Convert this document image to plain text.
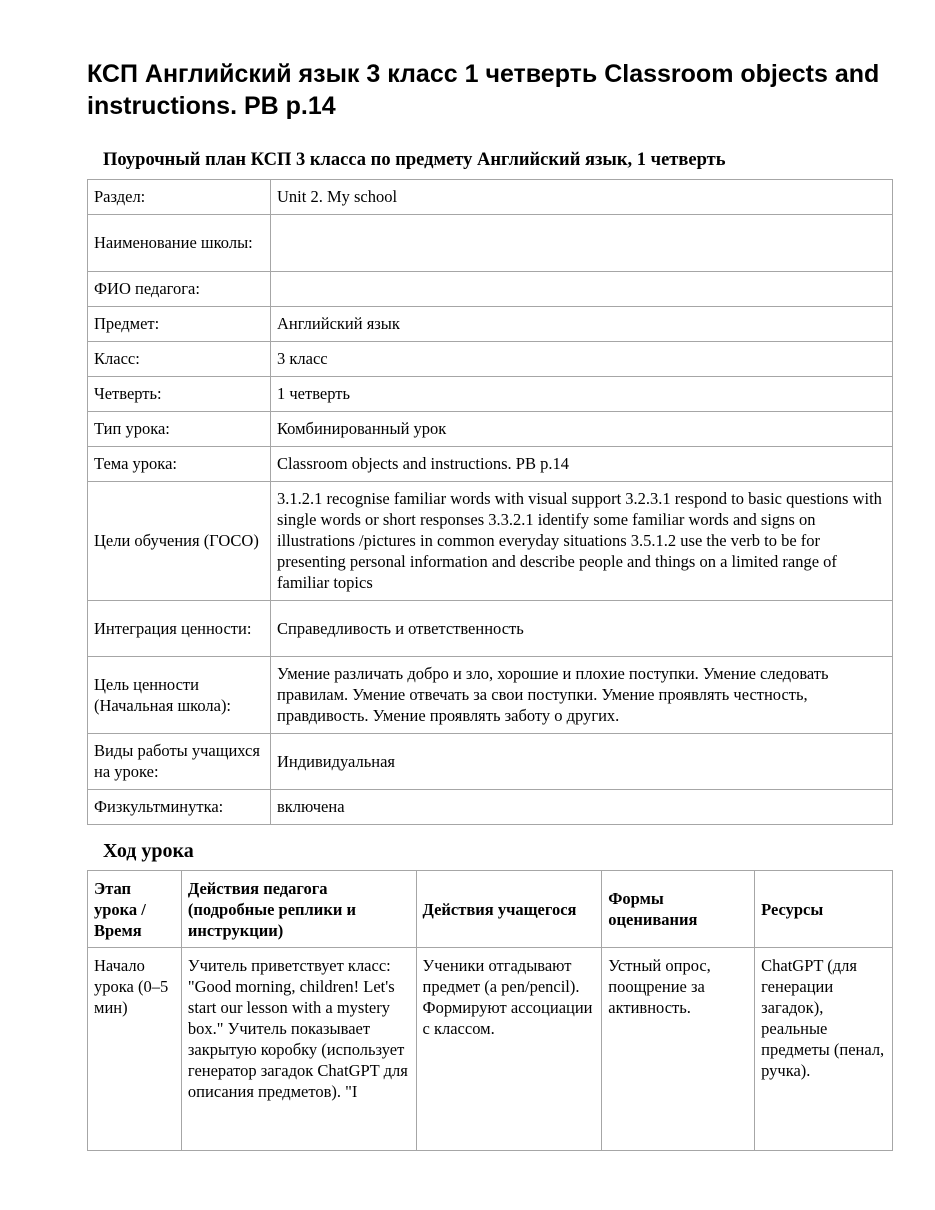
КСП Английский язык 3 класс 1 четверть Classroom objects and instructions. PB p.14
Поурочный план КСП 3 класса по предмету Английский язык, 1 четверть
Раздел:	Unit 2. My school
Наименование школы:	
ФИО педагога:	
Предмет:	Английский язык
Класс:	3 класс
Четверть:	1 четверть
Тип урока:	Комбинированный урок
Тема урока:	Classroom objects and instructions. PB p.14
Цели обучения (ГОСО)	3.1.2.1 recognise familiar words with visual support 3.2.3.1 respond to basic questions with single words or short responses 3.3.2.1 identify some familiar words and signs on illustrations /pictures in common everyday situations 3.5.1.2 use the verb to be for presenting personal information and describe people and things on a limited range of familiar topics
Интеграция ценности:	Справедливость и ответственность
Цель ценности (Начальная школа):	Умение различать добро и зло, хорошие и плохие поступки. Умение следовать правилам. Умение отвечать за свои поступки. Умение проявлять честность, правдивость. Умение проявлять заботу о других.
Виды работы учащихся на уроке:	Индивидуальная
Физкультминутка:	включена
Ход урока
Этап урока / Время	Действия педагога (подробные реплики и инструкции)	Действия учащегося	Формы оценивания	Ресурсы

Начало урока (0–5 мин)	Учитель приветствует класс: "Good morning, children! Let's start our lesson with a mystery box." Учитель показывает закрытую коробку (использует генератор загадок ChatGPT для описания предметов). "I	Ученики отгадывают предмет (a pen/pencil). Формируют ассоциации с классом.	Устный опрос, поощрение за активность.	ChatGPT (для генерации загадок), реальные предметы (пенал, ручка).
